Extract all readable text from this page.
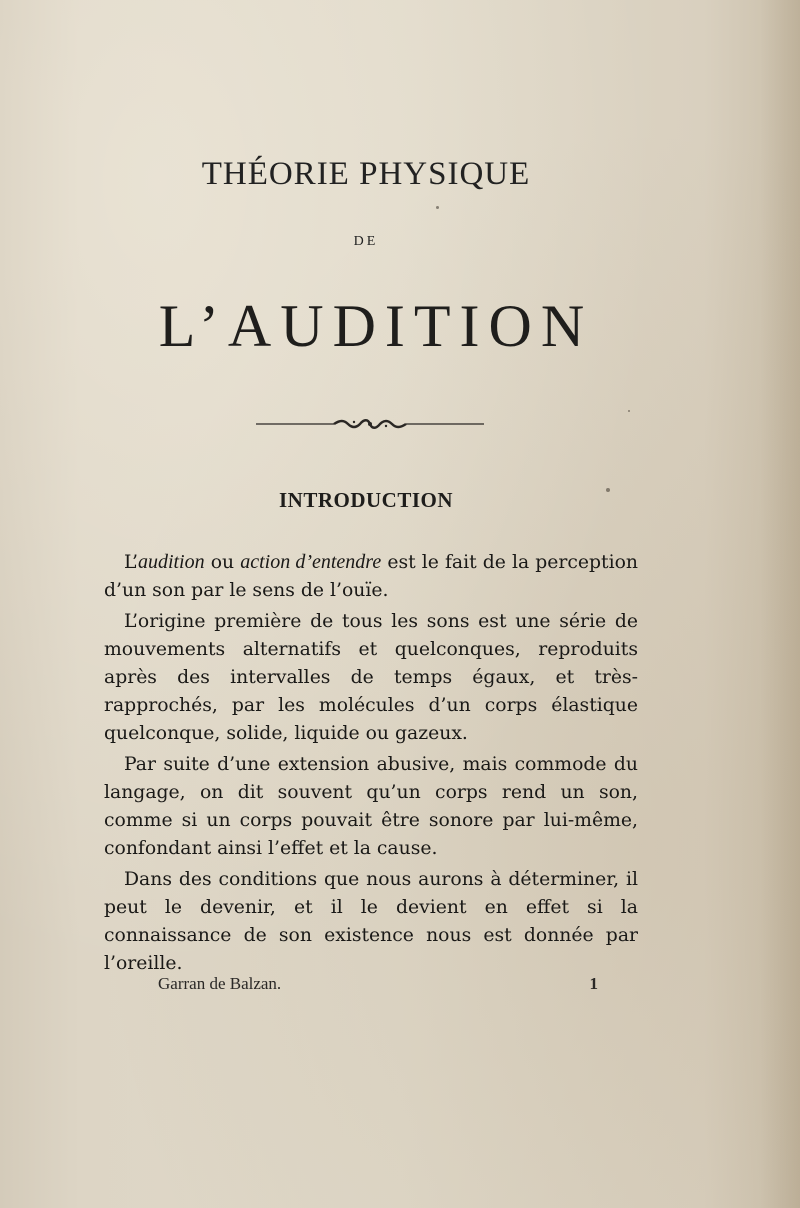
THÉORIE PHYSIQUE
DE
L’AUDITION
INTRODUCTION

L’audition ou action d’entendre est le fait de la perception d’un son par le sens de l’ouïe.

L’origine première de tous les sons est une série de mouvements alternatifs et quelconques, reproduits après des intervalles de temps égaux, et très-rapprochés, par les molécules d’un corps élastique quelconque, solide, liquide ou gazeux.

Par suite d’une extension abusive, mais commode du langage, on dit souvent qu’un corps rend un son, comme si un corps pouvait être sonore par lui-même, confondant ainsi l’effet et la cause.

Dans des conditions que nous aurons à déterminer, il peut le devenir, et il le devient en effet si la connaissance de son existence nous est donnée par l’oreille.

Garran de Balzan.	1
